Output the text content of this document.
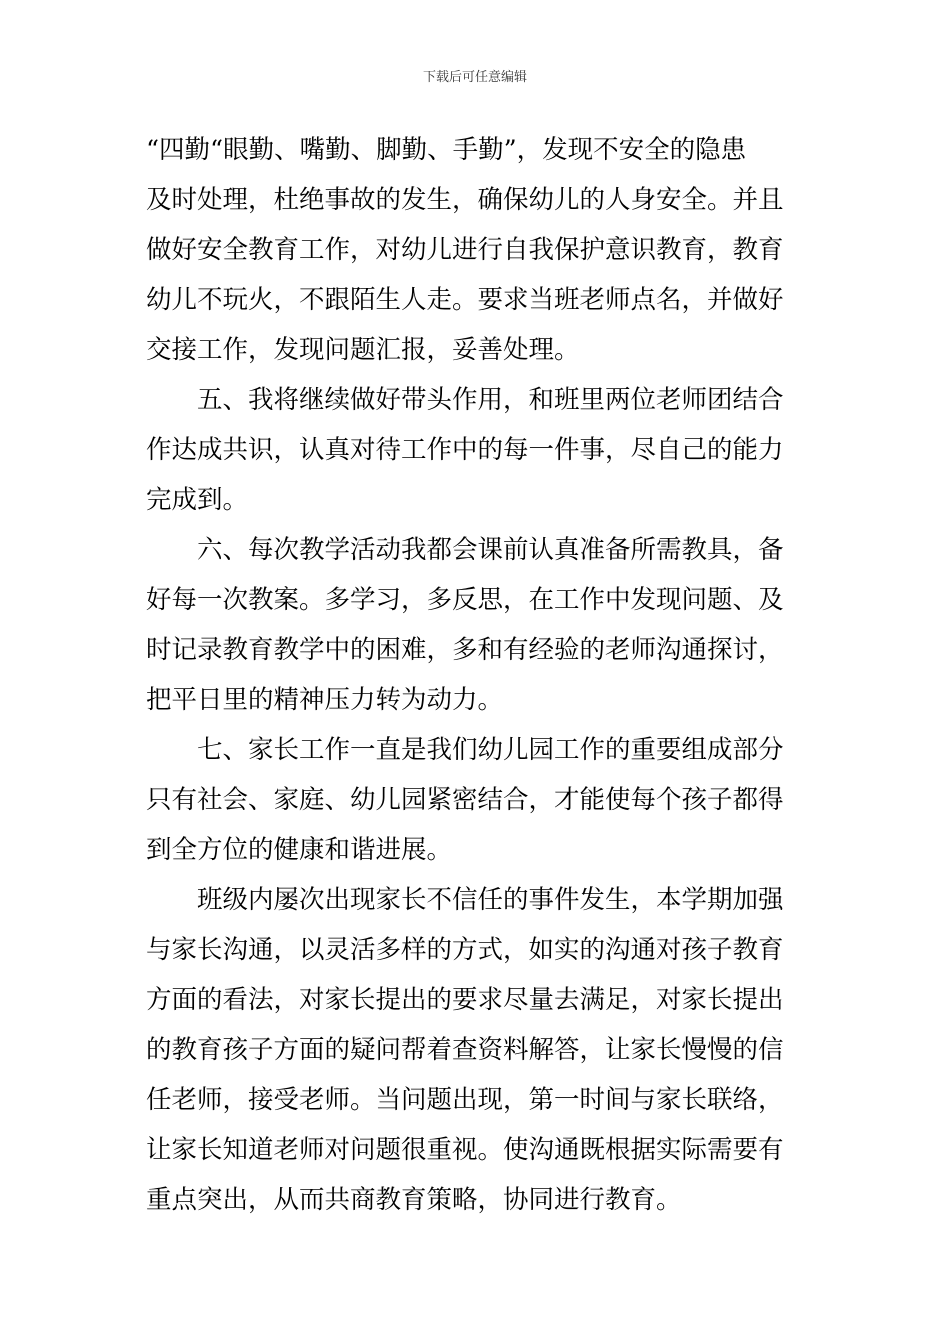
下载后可任意编辑
“四勤“眼勤、嘴勤、脚勤、手勤”，发现不安全的隐患
及时处理，杜绝事故的发生，确保幼儿的人身安全。并且
做好安全教育工作，对幼儿进行自我保护意识教育，教育
幼儿不玩火，不跟陌生人走。要求当班老师点名，并做好
交接工作，发现问题汇报，妥善处理。
五、我将继续做好带头作用，和班里两位老师团结合
作达成共识，认真对待工作中的每一件事，尽自己的能力
完成到。
六、每次教学活动我都会课前认真准备所需教具，备
好每一次教案。多学习，多反思，在工作中发现问题、及
时记录教育教学中的困难，多和有经验的老师沟通探讨，
把平日里的精神压力转为动力。
七、家长工作一直是我们幼儿园工作的重要组成部分
只有社会、家庭、幼儿园紧密结合，才能使每个孩子都得
到全方位的健康和谐进展。
班级内屡次出现家长不信任的事件发生，本学期加强
与家长沟通，以灵活多样的方式，如实的沟通对孩子教育
方面的看法，对家长提出的要求尽量去满足，对家长提出
的教育孩子方面的疑问帮着查资料解答，让家长慢慢的信
任老师，接受老师。当问题出现，第一时间与家长联络，
让家长知道老师对问题很重视。使沟通既根据实际需要有
重点突出，从而共商教育策略，协同进行教育。
